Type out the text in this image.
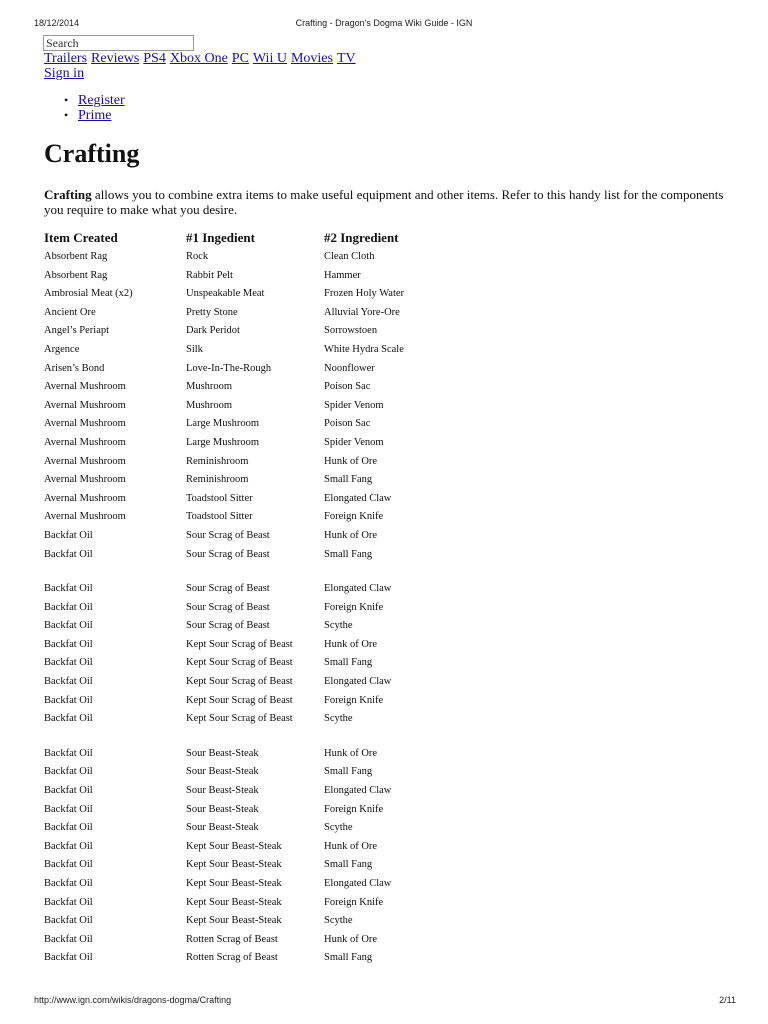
18/12/2014	Crafting - Dragon's Dogma Wiki Guide - IGN
Search
Trailers Reviews PS4 Xbox One PC Wii U Movies TV
Sign in
• Register
• Prime
Crafting

Crafting allows you to combine extra items to make useful equipment and other items. Refer to this handy list for the components you require to make what you desire.

Item Created	#1 Ingedient	#2 Ingredient
Absorbent Rag	Rock	Clean Cloth
Absorbent Rag	Rabbit Pelt	Hammer
Ambrosial Meat (x2)	Unspeakable Meat	Frozen Holy Water
Ancient Ore	Pretty Stone	Alluvial Yore-Ore
Angel’s Periapt	Dark Peridot	Sorrowstoen
Argence	Silk	White Hydra Scale
Arisen’s Bond	Love-In-The-Rough	Noonflower
Avernal Mushroom	Mushroom	Poison Sac
Avernal Mushroom	Mushroom	Spider Venom
Avernal Mushroom	Large Mushroom	Poison Sac
Avernal Mushroom	Large Mushroom	Spider Venom
Avernal Mushroom	Reminishroom	Hunk of Ore
Avernal Mushroom	Reminishroom	Small Fang
Avernal Mushroom	Toadstool Sitter	Elongated Claw
Avernal Mushroom	Toadstool Sitter	Foreign Knife
Backfat Oil	Sour Scrag of Beast	Hunk of Ore
Backfat Oil	Sour Scrag of Beast	Small Fang
Backfat Oil	Sour Scrag of Beast	Elongated Claw
Backfat Oil	Sour Scrag of Beast	Foreign Knife
Backfat Oil	Sour Scrag of Beast	Scythe
Backfat Oil	Kept Sour Scrag of Beast	Hunk of Ore
Backfat Oil	Kept Sour Scrag of Beast	Small Fang
Backfat Oil	Kept Sour Scrag of Beast	Elongated Claw
Backfat Oil	Kept Sour Scrag of Beast	Foreign Knife
Backfat Oil	Kept Sour Scrag of Beast	Scythe
Backfat Oil	Sour Beast-Steak	Hunk of Ore
Backfat Oil	Sour Beast-Steak	Small Fang
Backfat Oil	Sour Beast-Steak	Elongated Claw
Backfat Oil	Sour Beast-Steak	Foreign Knife
Backfat Oil	Sour Beast-Steak	Scythe
Backfat Oil	Kept Sour Beast-Steak	Hunk of Ore
Backfat Oil	Kept Sour Beast-Steak	Small Fang
Backfat Oil	Kept Sour Beast-Steak	Elongated Claw
Backfat Oil	Kept Sour Beast-Steak	Foreign Knife
Backfat Oil	Kept Sour Beast-Steak	Scythe
Backfat Oil	Rotten Scrag of Beast	Hunk of Ore
Backfat Oil	Rotten Scrag of Beast	Small Fang
http://www.ign.com/wikis/dragons-dogma/Crafting	2/11
